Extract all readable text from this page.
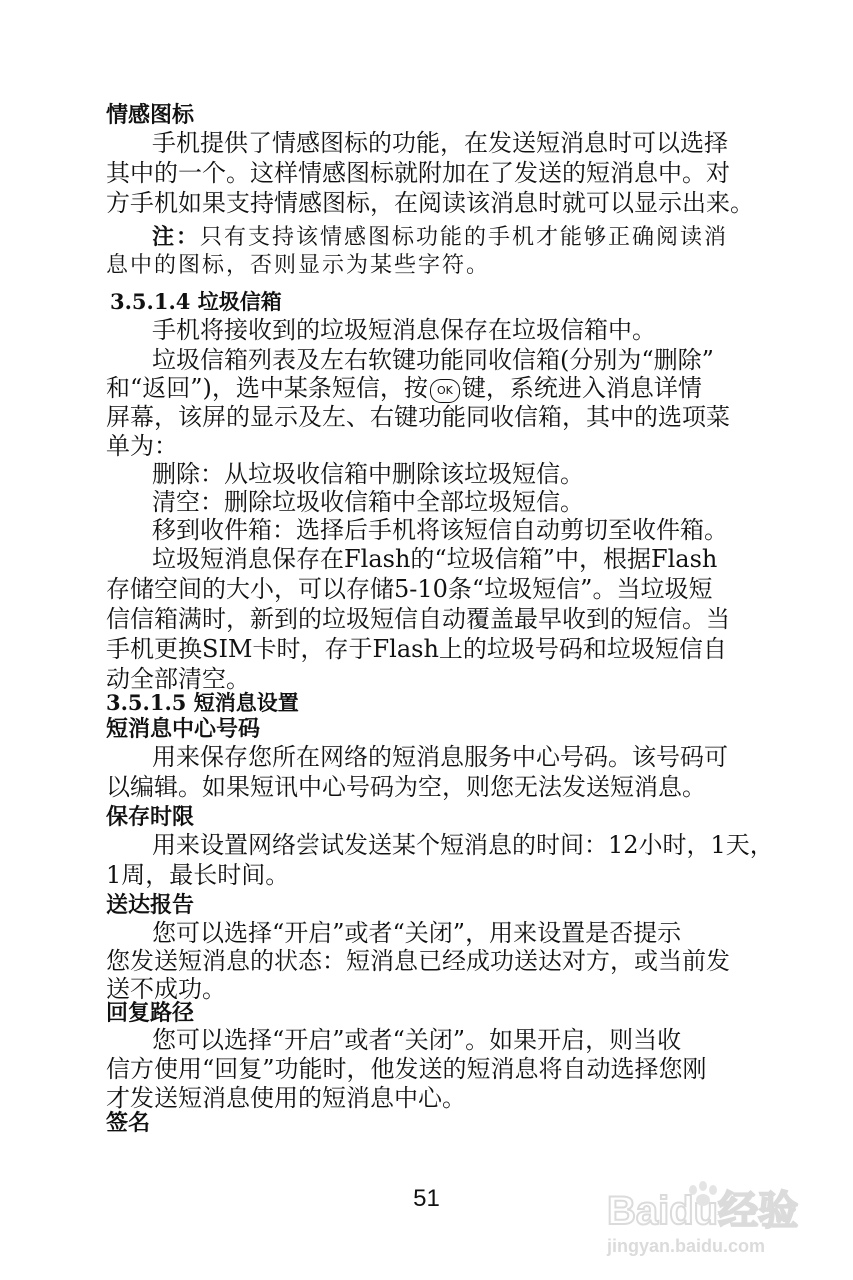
情感图标
手机提供了情感图标的功能，在发送短消息时可以选择
其中的一个。这样情感图标就附加在了发送的短消息中。对
方手机如果支持情感图标，在阅读该消息时就可以显示出来。
注：只有支持该情感图标功能的手机才能够正确阅读消
息中的图标，否则显示为某些字符。
3.5.1.4 垃圾信箱
手机将接收到的垃圾短消息保存在垃圾信箱中。
垃圾信箱列表及左右软键功能同收信箱(分别为“删除”
和“返回”)，选中某条短信，按 OK 键，系统进入消息详情
屏幕，该屏的显示及左、右键功能同收信箱，其中的选项菜
单为：
删除：从垃圾收信箱中删除该垃圾短信。
清空：删除垃圾收信箱中全部垃圾短信。
移到收件箱：选择后手机将该短信自动剪切至收件箱。
垃圾短消息保存在Flash的“垃圾信箱”中，根据Flash
存储空间的大小，可以存储5-10条“垃圾短信”。当垃圾短
信信箱满时，新到的垃圾短信自动覆盖最早收到的短信。当
手机更换SIM卡时，存于Flash上的垃圾号码和垃圾短信自
动全部清空。
3.5.1.5 短消息设置
短消息中心号码
用来保存您所在网络的短消息服务中心号码。该号码可
以编辑。如果短讯中心号码为空，则您无法发送短消息。
保存时限
用来设置网络尝试发送某个短消息的时间：12小时，1天，
1周，最长时间。
送达报告
您可以选择“开启”或者“关闭”，用来设置是否提示
您发送短消息的状态：短消息已经成功送达对方，或当前发
送不成功。
回复路径
您可以选择“开启”或者“关闭”。如果开启，则当收
信方使用“回复”功能时，他发送的短消息将自动选择您刚
才发送短消息使用的短消息中心。
签名
51	Baidu经验
jingyan.baidu.com
